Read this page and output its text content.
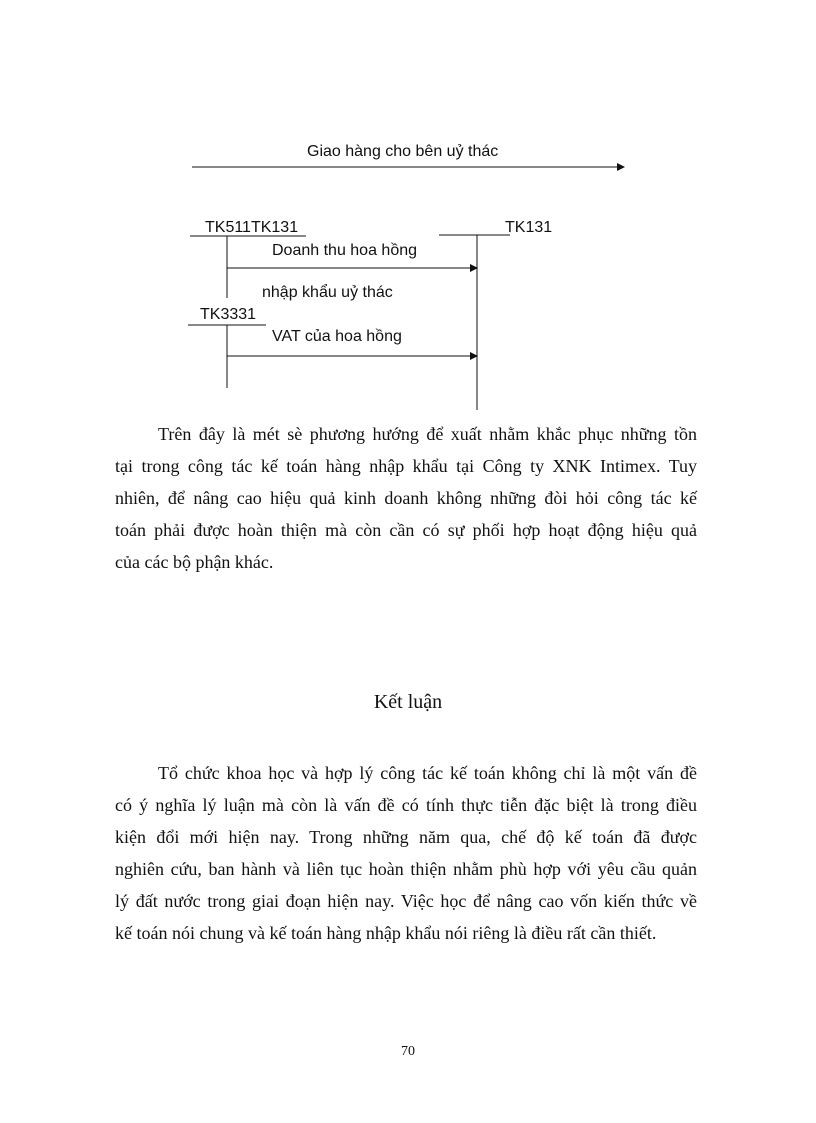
Giao hàng cho bên uỷ thác
TK511TK131	TK131
Doanh thu hoa hồng
nhập khẩu uỷ thác
TK3331
VAT của hoa hồng
Trên đây là mét sè phương hướng để xuất nhằm khắc phục những tồn
tại trong công tác kế toán hàng nhập khẩu tại Công ty XNK Intimex. Tuy
nhiên, để nâng cao hiệu quả kinh doanh không những đòi hỏi công tác kế
toán phải được hoàn thiện mà còn cần có sự phối hợp hoạt động hiệu quả
của các bộ phận khác.
Kết luận
Tổ chức khoa học và hợp lý công tác kế toán không chỉ là một vấn đề
có ý nghĩa lý luận mà còn là vấn đề có tính thực tiễn đặc biệt là trong điều
kiện đổi mới hiện nay. Trong những năm qua, chế độ kế toán đã được
nghiên cứu, ban hành và liên tục hoàn thiện nhằm phù hợp với yêu cầu quản
lý đất nước trong giai đoạn hiện nay. Việc học để nâng cao vốn kiến thức về
kế toán nói chung và kế toán hàng nhập khẩu nói riêng là điều rất cần thiết.
70
